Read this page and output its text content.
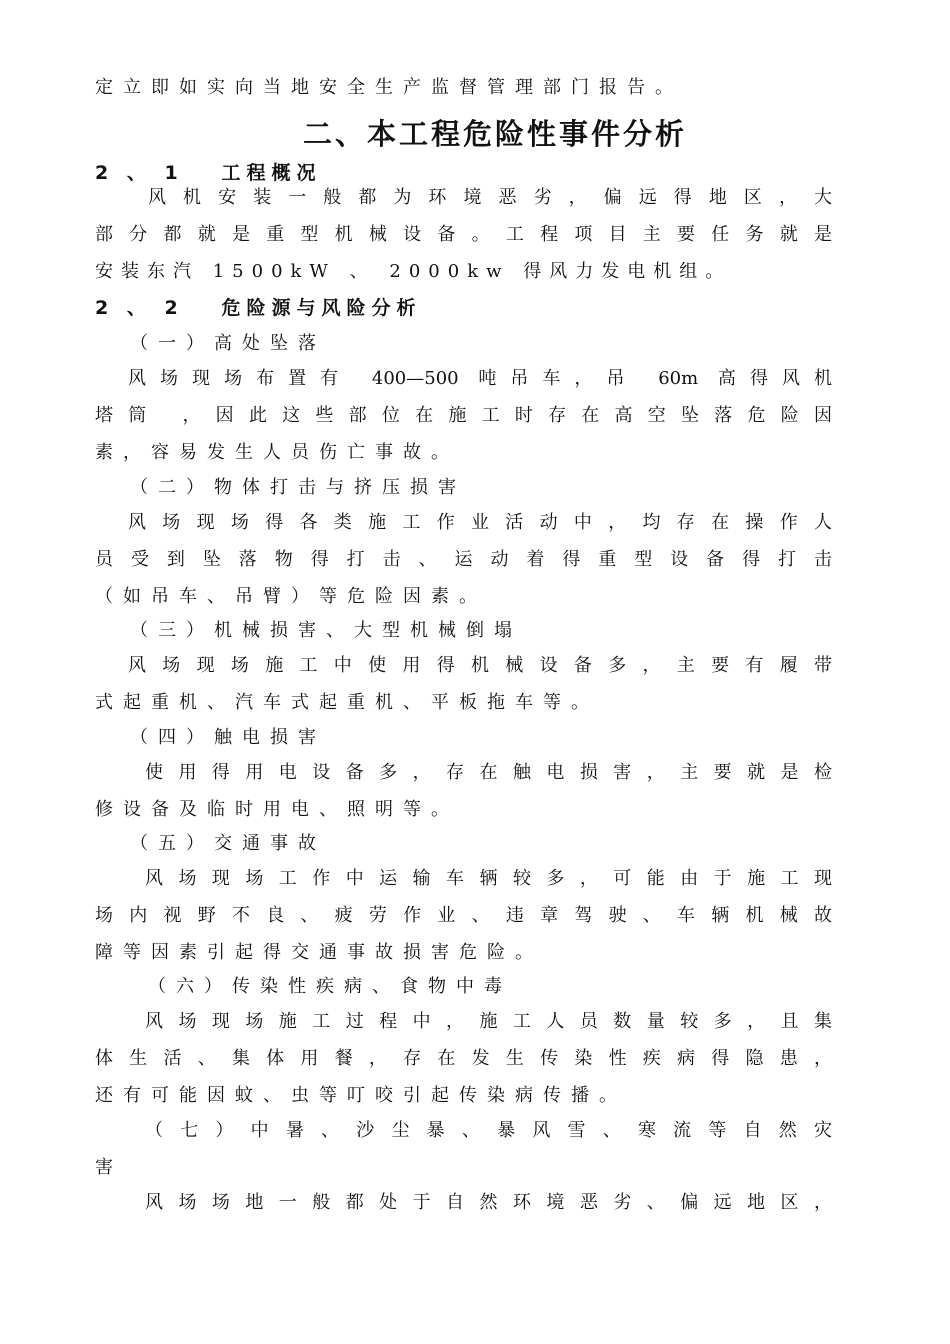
定立即如实向当地安全生产监督管理部门报告。
二、本工程危险性事件分析
2 、 1   工程概况
风机安装一般都为环境恶劣，偏远得地区，大
部分都就是重型机械设备。工程项目主要任务就是
安装东汽 1500kW 、 2000kw 得风力发电机组。
2 、 2   危险源与风险分析
（一）高处坠落
风场现场布置有 400—500 吨吊车，吊 60m 高得风机
塔筒 ，因此这些部位在施工时存在高空坠落危险因
素，容易发生人员伤亡事故。
（二）物体打击与挤压损害
风场现场得各类施工作业活动中，均存在操作人
员受到坠落物得打击、运动着得重型设备得打击
（如吊车、吊臂）等危险因素。
（三）机械损害、大型机械倒塌
风场现场施工中使用得机械设备多，主要有履带
式起重机、汽车式起重机、平板拖车等。
（四）触电损害
使用得用电设备多，存在触电损害，主要就是检
修设备及临时用电、照明等。
（五）交通事故
风场现场工作中运输车辆较多，可能由于施工现
场内视野不良、疲劳作业、违章驾驶、车辆机械故
障等因素引起得交通事故损害危险。
（六）传染性疾病、食物中毒
风场现场施工过程中，施工人员数量较多，且集
体生活、集体用餐，存在发生传染性疾病得隐患，
还有可能因蚊、虫等叮咬引起传染病传播。
（七）中暑、沙尘暴、暴风雪、寒流等自然灾
害
风场场地一般都处于自然环境恶劣、偏远地区，
